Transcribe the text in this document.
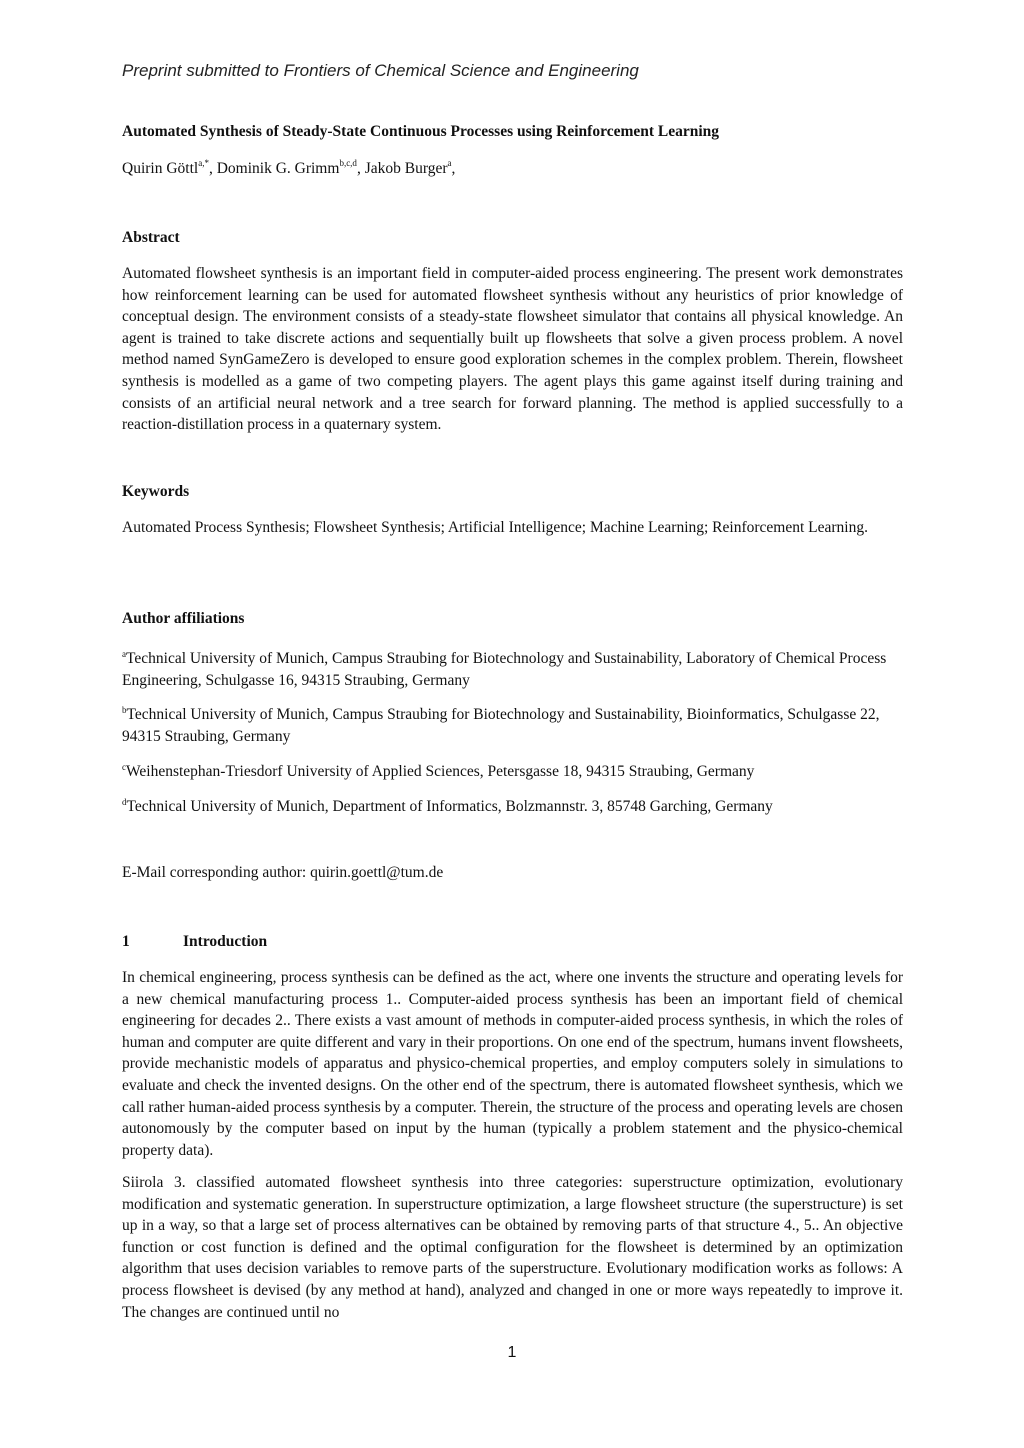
Preprint submitted to Frontiers of Chemical Science and Engineering
Automated Synthesis of Steady-State Continuous Processes using Reinforcement Learning
Quirin Göttl$^{a,*}$, Dominik G. Grimm$^{b,c,d}$, Jakob Burger$^a$,
Abstract

Automated flowsheet synthesis is an important field in computer-aided process engineering. The present work demonstrates how reinforcement learning can be used for automated flowsheet synthesis without any heuristics of prior knowledge of conceptual design. The environment consists of a steady-state flowsheet simulator that contains all physical knowledge. An agent is trained to take discrete actions and sequentially built up flowsheets that solve a given process problem. A novel method named SynGameZero is developed to ensure good exploration schemes in the complex problem. Therein, flowsheet synthesis is modelled as a game of two competing players. The agent plays this game against itself during training and consists of an artificial neural network and a tree search for forward planning. The method is applied successfully to a reaction-distillation process in a quaternary system.

Keywords

Automated Process Synthesis; Flowsheet Synthesis; Artificial Intelligence; Machine Learning; Reinforcement Learning.

Author affiliations

$^a$Technical University of Munich, Campus Straubing for Biotechnology and Sustainability, Laboratory of Chemical Process Engineering, Schulgasse 16, 94315 Straubing, Germany

$^b$Technical University of Munich, Campus Straubing for Biotechnology and Sustainability, Bioinformatics, Schulgasse 22, 94315 Straubing, Germany

$^c$Weihenstephan-Triesdorf University of Applied Sciences, Petersgasse 18, 94315 Straubing, Germany

$^d$Technical University of Munich, Department of Informatics, Bolzmannstr. 3, 85748 Garching, Germany

E-Mail corresponding author: quirin.goettl@tum.de
1	Introduction

In chemical engineering, process synthesis can be defined as the act, where one invents the structure and operating levels for a new chemical manufacturing process 1.. Computer-aided process synthesis has been an important field of chemical engineering for decades 2.. There exists a vast amount of methods in computer-aided process synthesis, in which the roles of human and computer are quite different and vary in their proportions. On one end of the spectrum, humans invent flowsheets, provide mechanistic models of apparatus and physico-chemical properties, and employ computers solely in simulations to evaluate and check the invented designs. On the other end of the spectrum, there is automated flowsheet synthesis, which we call rather human-aided process synthesis by a computer. Therein, the structure of the process and operating levels are chosen autonomously by the computer based on input by the human (typically a problem statement and the physico-chemical property data).

Siirola 3. classified automated flowsheet synthesis into three categories: superstructure optimization, evolutionary modification and systematic generation. In superstructure optimization, a large flowsheet structure (the superstructure) is set up in a way, so that a large set of process alternatives can be obtained by removing parts of that structure 4., 5.. An objective function or cost function is defined and the optimal configuration for the flowsheet is determined by an optimization algorithm that uses decision variables to remove parts of the superstructure. Evolutionary modification works as follows: A process flowsheet is devised (by any method at hand), analyzed and changed in one or more ways repeatedly to improve it. The changes are continued until no

1
